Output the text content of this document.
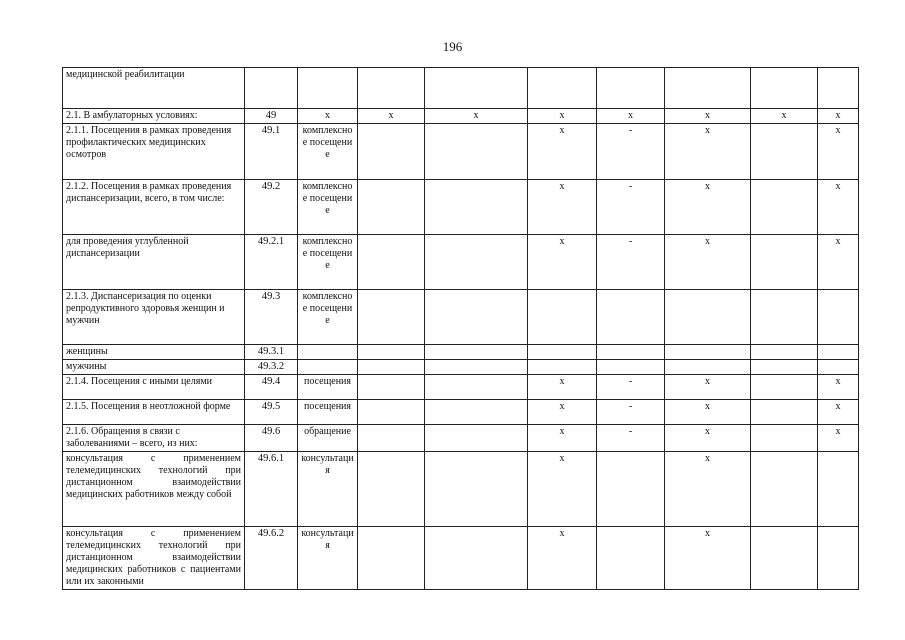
196
медицинской реабилитации										

2.1. В амбулаторных условиях:	49	х	х	х	х	х	х	х	х	

2.1.1. Посещения в рамках проведения профилактических медицинских осмотров	49.1	комплексное посещение			х	-	х		х	

2.1.2. Посещения в рамках проведения диспансеризации, всего, в том числе:	49.2	комплексное посещение			х	-	х		х	

для проведения углубленной диспансеризации	49.2.1	комплексное посещение			х	-	х		х	

2.1.3. Диспансеризация по оценки репродуктивного здоровья женщин и мужчин	49.3	комплексное посещение								

женщины	49.3.1									

мужчины	49.3.2									

2.1.4. Посещения с иными целями	49.4	посещения			х	-	х		х	

2.1.5. Посещения в неотложной форме	49.5	посещения			х	-	х		х	

2.1.6. Обращения в связи с заболеваниями – всего, из них:	49.6	обращение			х	-	х		х	

консультация с применением телемедицинских технологий при дистанционном взаимодействии медицинских работников между собой	49.6.1	консультация			х		х			

консультация с применением телемедицинских технологий при дистанционном взаимодействии медицинских работников с пациентами или их законными	49.6.2	консультация			х		х			
